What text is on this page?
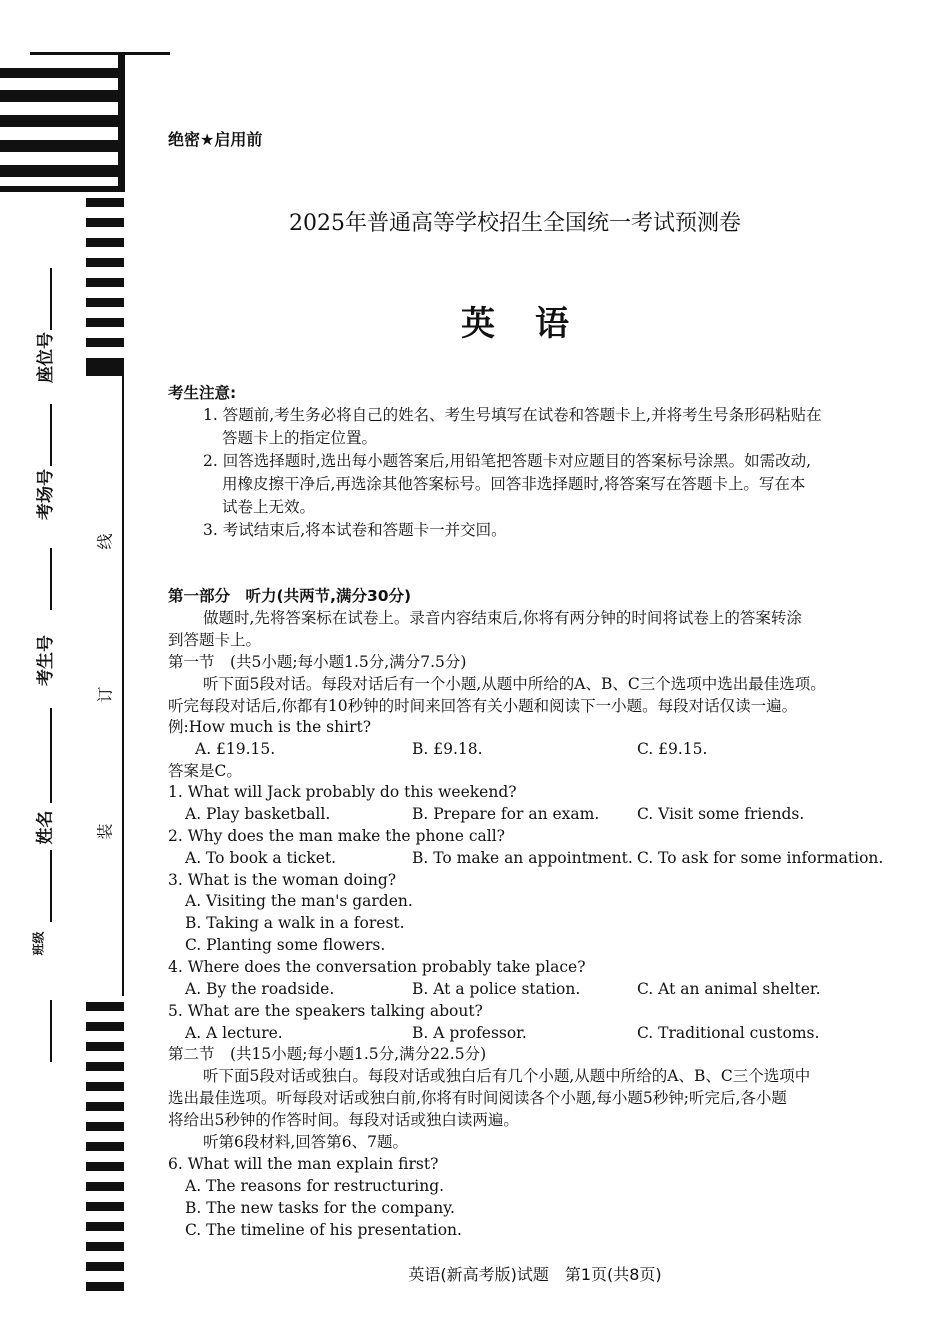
座位号
考场号
考生号
姓名
班级
线
订
装
绝密★启用前
2025年普通高等学校招生全国统一考试预测卷
英语
考生注意:
1. 答题前,考生务必将自己的姓名、考生号填写在试卷和答题卡上,并将考生号条形码粘贴在
答题卡上的指定位置。
2. 回答选择题时,选出每小题答案后,用铅笔把答题卡对应题目的答案标号涂黑。如需改动,
用橡皮擦干净后,再选涂其他答案标号。回答非选择题时,将答案写在答题卡上。写在本
试卷上无效。
3. 考试结束后,将本试卷和答题卡一并交回。
第一部分　听力(共两节,满分30分)
做题时,先将答案标在试卷上。录音内容结束后,你将有两分钟的时间将试卷上的答案转涂
到答题卡上。
第一节　(共5小题;每小题1.5分,满分7.5分)
听下面5段对话。每段对话后有一个小题,从题中所给的A、B、C三个选项中选出最佳选项。
听完每段对话后,你都有10秒钟的时间来回答有关小题和阅读下一小题。每段对话仅读一遍。
例:How much is the shirt?
A. £19.15.	B. £9.18.	C. £9.15.
答案是C。
1. What will Jack probably do this weekend?
A. Play basketball.	B. Prepare for an exam. C. Visit some friends.
2. Why does the man make the phone call?
A. To book a ticket.	B. To make an appointment. C. To ask for some information.
3. What is the woman doing?
A. Visiting the man's garden.
B. Taking a walk in a forest.
C. Planting some flowers.
4. Where does the conversation probably take place?
A. By the roadside.	B. At a police station.	C. At an animal shelter.
5. What are the speakers talking about?
A. A lecture.	B. A professor.	C. Traditional customs.
第二节　(共15小题;每小题1.5分,满分22.5分)
听下面5段对话或独白。每段对话或独白后有几个小题,从题中所给的A、B、C三个选项中
选出最佳选项。听每段对话或独白前,你将有时间阅读各个小题,每小题5秒钟;听完后,各小题
将给出5秒钟的作答时间。每段对话或独白读两遍。
听第6段材料,回答第6、7题。
6. What will the man explain first?
A. The reasons for restructuring.
B. The new tasks for the company.
C. The timeline of his presentation.
英语(新高考版)试题　第1页(共8页)
